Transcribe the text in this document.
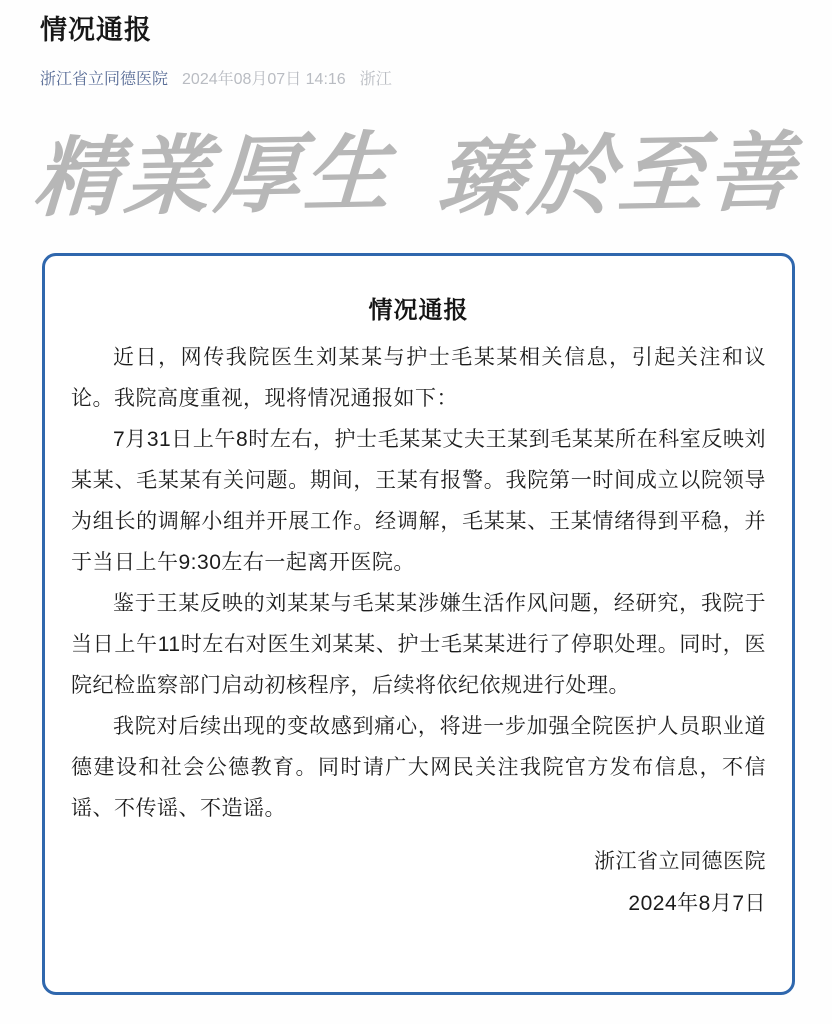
情况通报
浙江省立同德医院 2024年08月07日 14:16 浙江
精業厚生 臻於至善
情况通报

近日，网传我院医生刘某某与护士毛某某相关信息，引起关注和议论。我院高度重视，现将情况通报如下：

7月31日上午8时左右，护士毛某某丈夫王某到毛某某所在科室反映刘某某、毛某某有关问题。期间，王某有报警。我院第一时间成立以院领导为组长的调解小组并开展工作。经调解，毛某某、王某情绪得到平稳，并于当日上午9:30左右一起离开医院。

鉴于王某反映的刘某某与毛某某涉嫌生活作风问题，经研究，我院于当日上午11时左右对医生刘某某、护士毛某某进行了停职处理。同时，医院纪检监察部门启动初核程序，后续将依纪依规进行处理。

我院对后续出现的变故感到痛心，将进一步加强全院医护人员职业道德建设和社会公德教育。同时请广大网民关注我院官方发布信息，不信谣、不传谣、不造谣。

浙江省立同德医院
2024年8月7日
